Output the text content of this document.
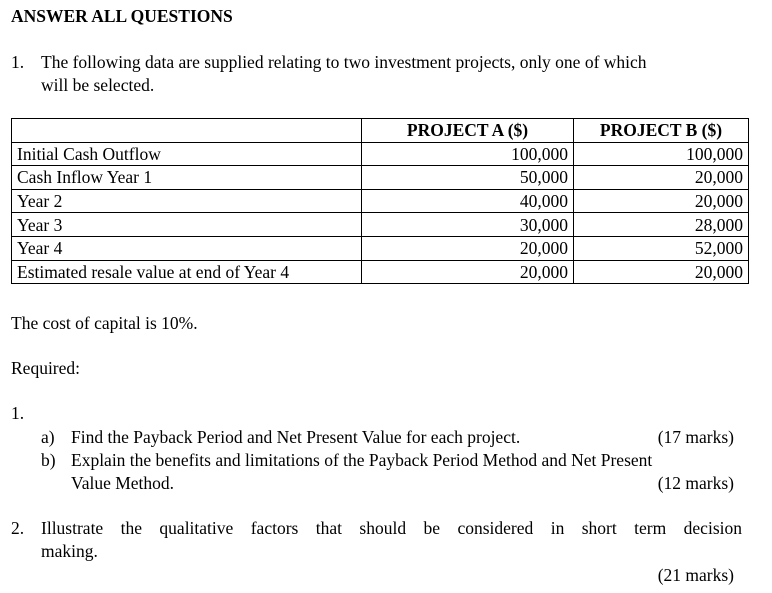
ANSWER ALL QUESTIONS
1. The following data are supplied relating to two investment projects, only one of which
will be selected.
	PROJECT A ($)	PROJECT B ($)
Initial Cash Outflow	100,000	100,000
Cash Inflow Year 1	50,000	20,000
Year 2	40,000	20,000
Year 3	30,000	28,000
Year 4	20,000	52,000
Estimated resale value at end of Year 4	20,000	20,000
The cost of capital is 10%.
Required:
1.
a) Find the Payback Period and Net Present Value for each project.	(17 marks)
b) Explain the benefits and limitations of the Payback Period Method and Net Present
Value Method.	(12 marks)
2. Illustrate the qualitative factors that should be considered in short term decision
making.
(21 marks)
